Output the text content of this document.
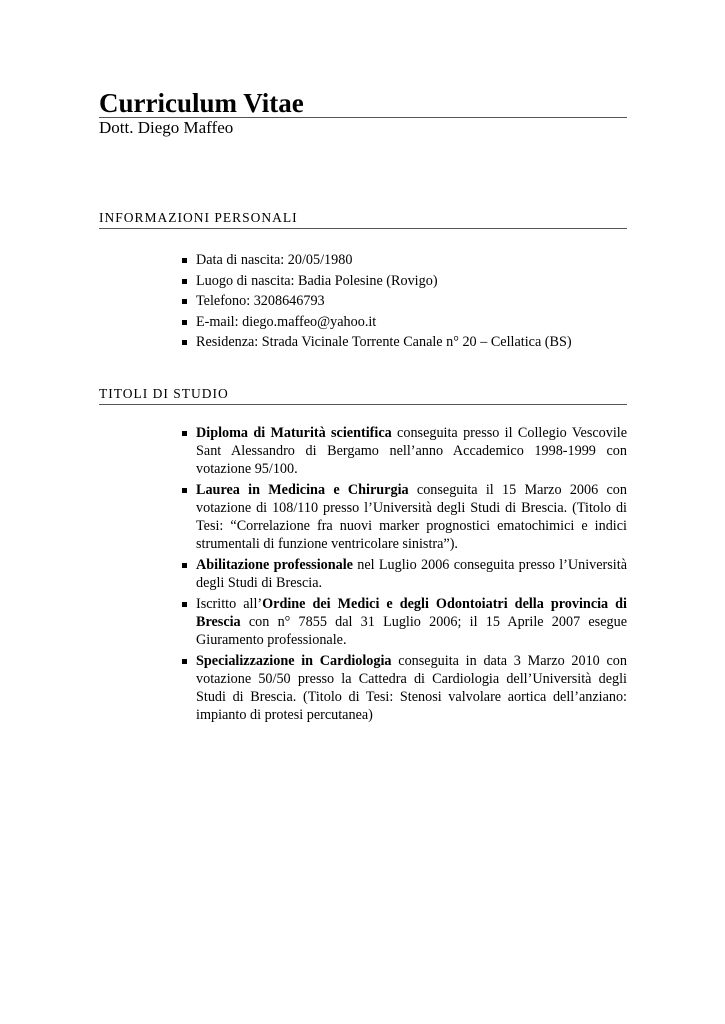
Curriculum Vitae
Dott. Diego Maffeo
INFORMAZIONI PERSONALI
Data di nascita: 20/05/1980
Luogo di nascita: Badia Polesine (Rovigo)
Telefono: 3208646793
E-mail: diego.maffeo@yahoo.it
Residenza: Strada Vicinale Torrente Canale n° 20 – Cellatica (BS)
TITOLI DI STUDIO
Diploma di Maturità scientifica conseguita presso il Collegio Vescovile Sant Alessandro di Bergamo nell’anno Accademico 1998-1999 con votazione 95/100.
Laurea in Medicina e Chirurgia conseguita il 15 Marzo 2006 con votazione di 108/110 presso l’Università degli Studi di Brescia. (Titolo di Tesi: “Correlazione fra nuovi marker prognostici ematochimici e indici strumentali di funzione ventricolare sinistra”).
Abilitazione professionale nel Luglio 2006 conseguita presso l’Università degli Studi di Brescia.
Iscritto all’Ordine dei Medici e degli Odontoiatri della provincia di Brescia con n° 7855 dal 31 Luglio 2006; il 15 Aprile 2007 esegue Giuramento professionale.
Specializzazione in Cardiologia conseguita in data 3 Marzo 2010 con votazione 50/50 presso la Cattedra di Cardiologia dell’Università degli Studi di Brescia. (Titolo di Tesi: Stenosi valvolare aortica dell’anziano: impianto di protesi percutanea)
